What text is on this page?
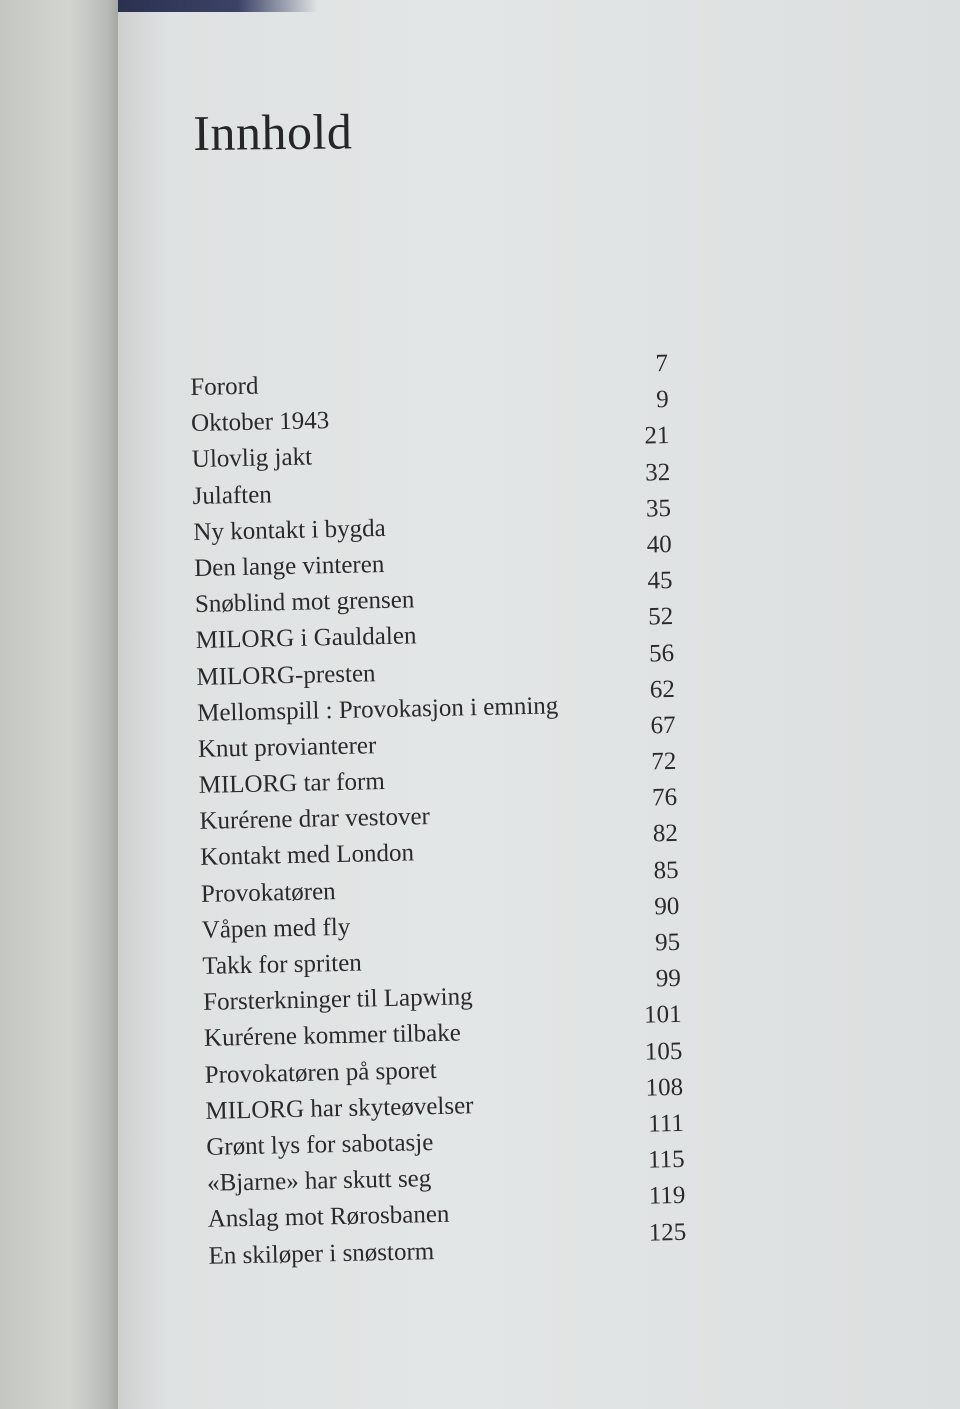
Innhold
Forord
7
Oktober 1943
9
Ulovlig jakt
21
Julaften
32
Ny kontakt i bygda
35
Den lange vinteren
40
Snøblind mot grensen
45
MILORG i Gauldalen
52
MILORG-presten
56
Mellomspill : Provokasjon i emning
62
Knut provianterer
67
MILORG tar form
72
Kurérene drar vestover
76
Kontakt med London
82
Provokatøren
85
Våpen med fly
90
Takk for spriten
95
Forsterkninger til Lapwing
99
Kurérene kommer tilbake
101
Provokatøren på sporet
105
MILORG har skyteøvelser
108
Grønt lys for sabotasje
111
«Bjarne» har skutt seg
115
Anslag mot Rørosbanen
119
En skiløper i snøstorm
125
